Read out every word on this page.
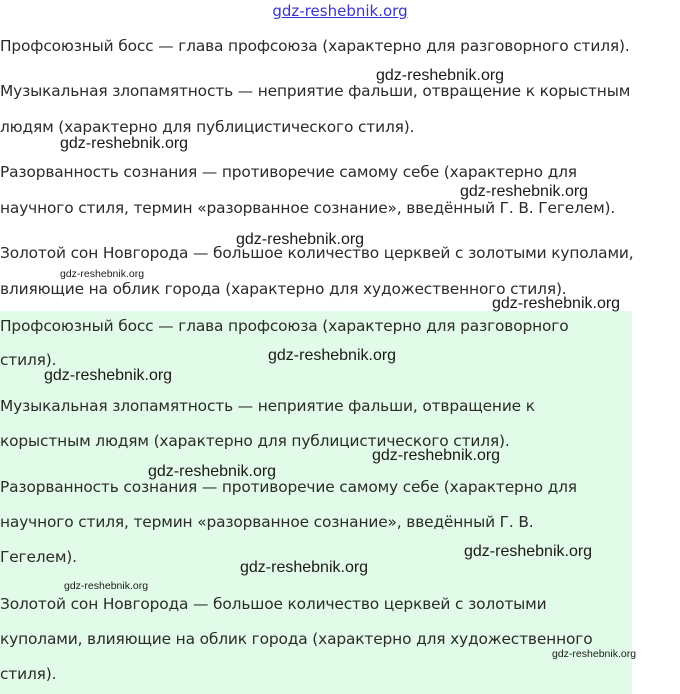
gdz-reshebnik.org
Профсоюзный босс — глава профсоюза (характерно для разговорного стиля).
Музыкальная злопамятность — неприятие фальши, отвращение к корыстным
людям (характерно для публицистического стиля).
Разорванность сознания — противоречие самому себе (характерно для
научного стиля, термин «разорванное сознание», введённый Г. В. Гегелем).
Золотой сон Новгорода — большое количество церквей с золотыми куполами,
влияющие на облик города (характерно для художественного стиля).
Профсоюзный босс — глава профсоюза (характерно для разговорного
стиля).
Музыкальная злопамятность — неприятие фальши, отвращение к
корыстным людям (характерно для публицистического стиля).
Разорванность сознания — противоречие самому себе (характерно для
научного стиля, термин «разорванное сознание», введённый Г. В.
Гегелем).
Золотой сон Новгорода — большое количество церквей с золотыми
куполами, влияющие на облик города (характерно для художественного
стиля).
gdz-reshebnik.org
gdz-reshebnik.org
gdz-reshebnik.org
gdz-reshebnik.org
gdz-reshebnik.org
gdz-reshebnik.org
gdz-reshebnik.org
gdz-reshebnik.org
gdz-reshebnik.org
gdz-reshebnik.org
gdz-reshebnik.org
gdz-reshebnik.org
gdz-reshebnik.org
gdz-reshebnik.org
